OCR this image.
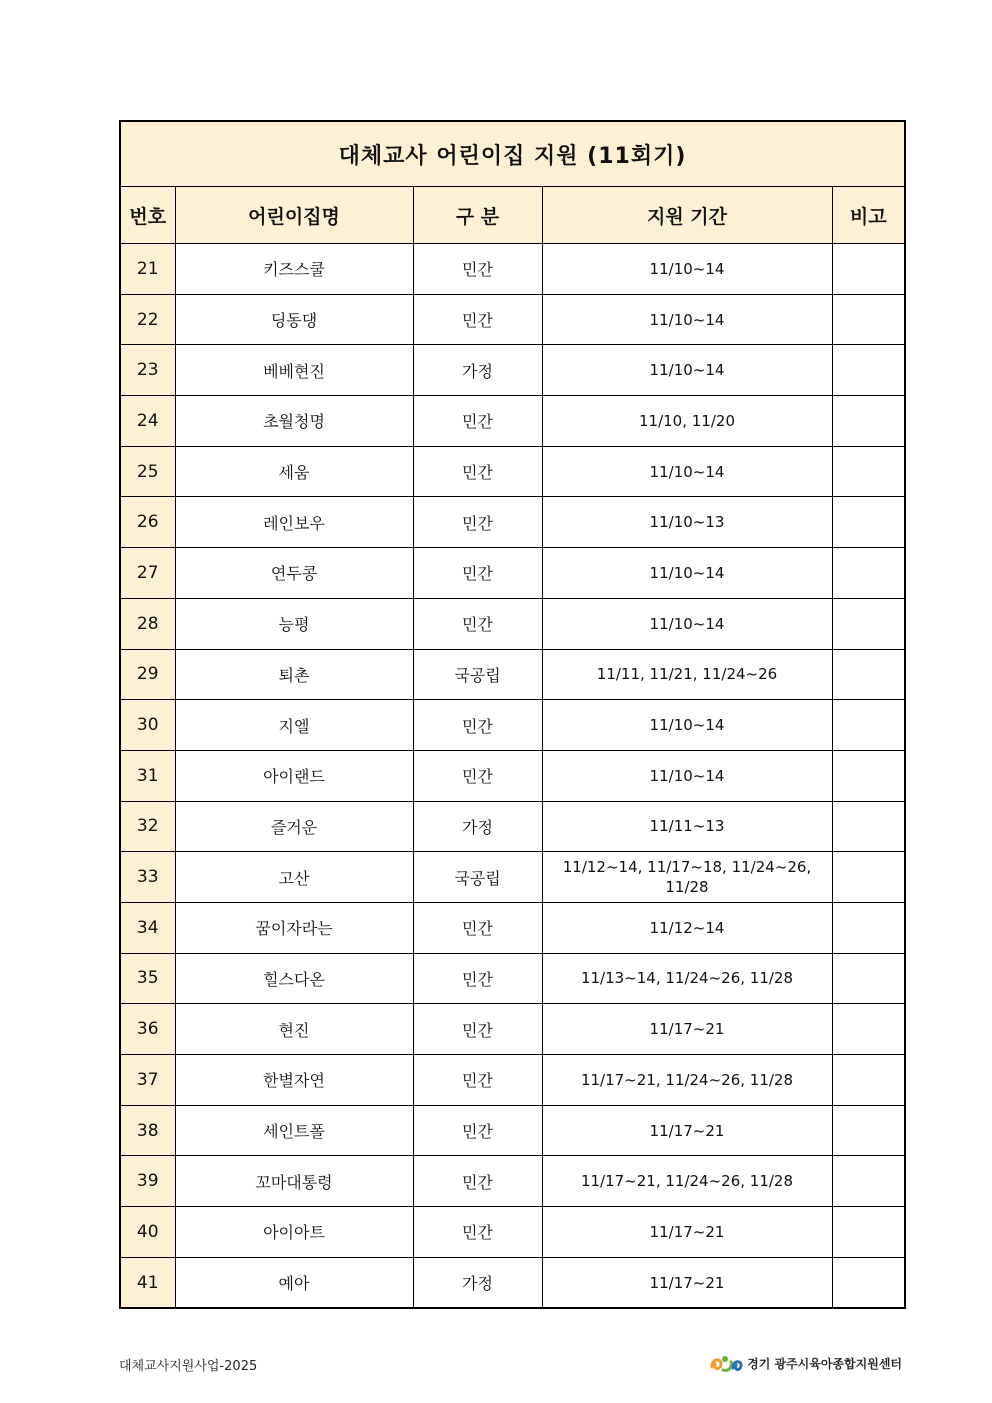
대체교사 어린이집 지원 (11회기)				
번호	어린이집명	구 분	지원 기간	비고
21	키즈스쿨	민간	11/10~14	
22	딩동댕	민간	11/10~14	
23	베베현진	가정	11/10~14	
24	초월청명	민간	11/10, 11/20	
25	세움	민간	11/10~14	
26	레인보우	민간	11/10~13	
27	연두콩	민간	11/10~14	
28	능평	민간	11/10~14	
29	퇴촌	국공립	11/11, 11/21, 11/24~26	
30	지엘	민간	11/10~14	
31	아이랜드	민간	11/10~14	
32	즐거운	가정	11/11~13	
33	고산	국공립	11/12~14, 11/17~18, 11/24~26, 11/28	
34	꿈이자라는	민간	11/12~14	
35	힐스다온	민간	11/13~14, 11/24~26, 11/28	
36	현진	민간	11/17~21	
37	한별자연	민간	11/17~21, 11/24~26, 11/28	
38	세인트폴	민간	11/17~21	
39	꼬마대통령	민간	11/17~21, 11/24~26, 11/28	
40	아이아트	민간	11/17~21	
41	예아	가정	11/17~21	
대체교사지원사업-2025	경기 광주시육아종합지원센터
